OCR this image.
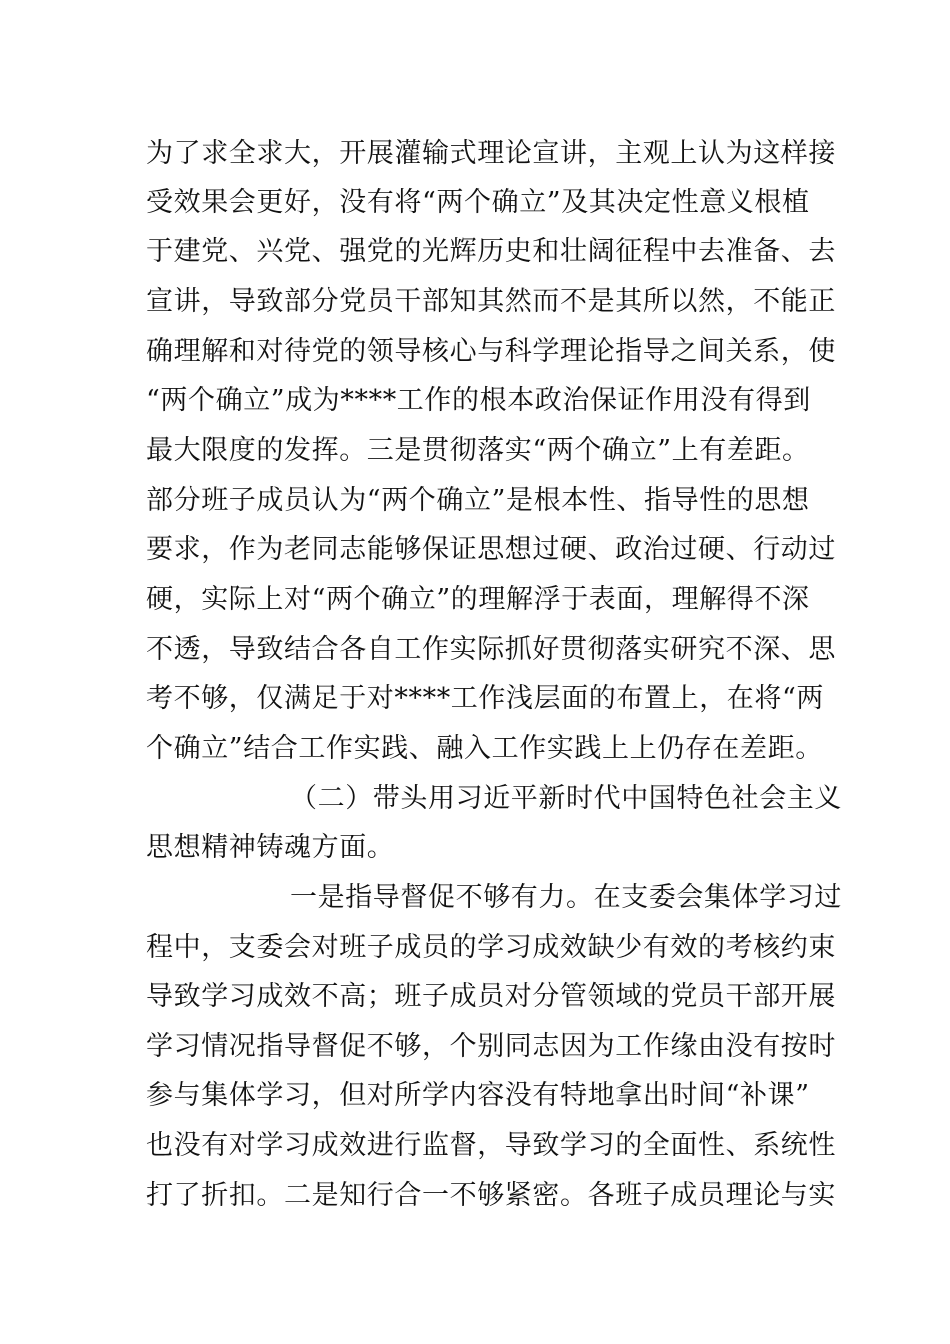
为了求全求大，开展灌输式理论宣讲，主观上认为这样接
受效果会更好，没有将“两个确立”及其决定性意义根植
于建党、兴党、强党的光辉历史和壮阔征程中去准备、去
宣讲，导致部分党员干部知其然而不是其所以然，不能正
确理解和对待党的领导核心与科学理论指导之间关系，使
“两个确立”成为****工作的根本政治保证作用没有得到
最大限度的发挥。三是贯彻落实“两个确立”上有差距。
部分班子成员认为“两个确立”是根本性、指导性的思想
要求，作为老同志能够保证思想过硬、政治过硬、行动过
硬，实际上对“两个确立”的理解浮于表面，理解得不深
不透，导致结合各自工作实际抓好贯彻落实研究不深、思
考不够，仅满足于对****工作浅层面的布置上，在将“两
个确立”结合工作实践、融入工作实践上上仍存在差距。
（二）带头用习近平新时代中国特色社会主义
思想精神铸魂方面。
一是指导督促不够有力。在支委会集体学习过
程中，支委会对班子成员的学习成效缺少有效的考核约束
导致学习成效不高；班子成员对分管领域的党员干部开展
学习情况指导督促不够，个别同志因为工作缘由没有按时
参与集体学习，但对所学内容没有特地拿出时间“补课”
也没有对学习成效进行监督，导致学习的全面性、系统性
打了折扣。二是知行合一不够紧密。各班子成员理论与实
